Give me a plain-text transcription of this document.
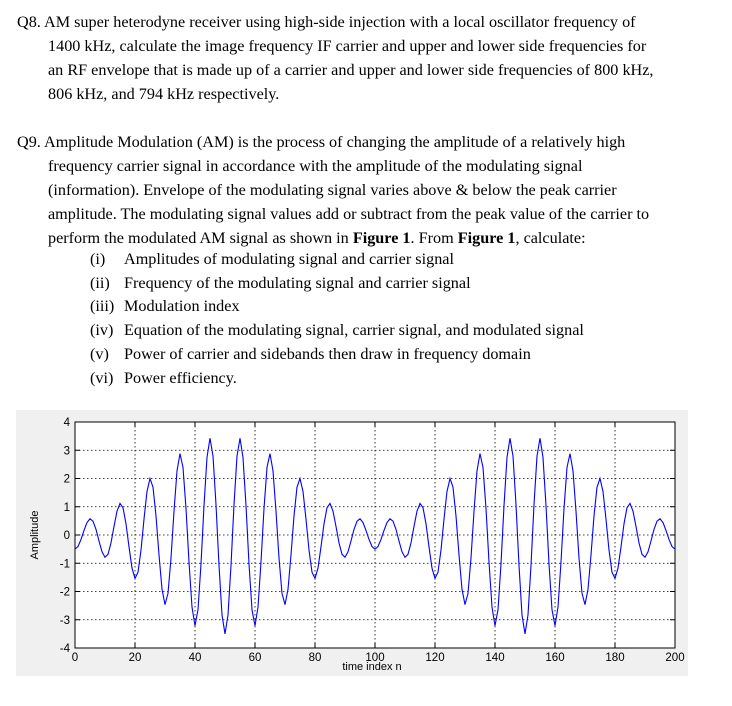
Q8. AM super heterodyne receiver using high-side injection with a local oscillator frequency of
1400 kHz, calculate the image frequency IF carrier and upper and lower side frequencies for
an RF envelope that is made up of a carrier and upper and lower side frequencies of 800 kHz,
806 kHz, and 794 kHz respectively.
Q9. Amplitude Modulation (AM) is the process of changing the amplitude of a relatively high
frequency carrier signal in accordance with the amplitude of the modulating signal
(information). Envelope of the modulating signal varies above & below the peak carrier
amplitude. The modulating signal values add or subtract from the peak value of the carrier to
perform the modulated AM signal as shown in Figure 1. From Figure 1, calculate:
(i) Amplitudes of modulating signal and carrier signal
(ii) Frequency of the modulating signal and carrier signal
(iii) Modulation index
(iv) Equation of the modulating signal, carrier signal, and modulated signal
(v) Power of carrier and sidebands then draw in frequency domain
(vi) Power efficiency.
0	20	40	60	80	100	120	140	160	180	200
-4
-3
-2
-1
0
1
2
3
4
time index n
Amplitude
